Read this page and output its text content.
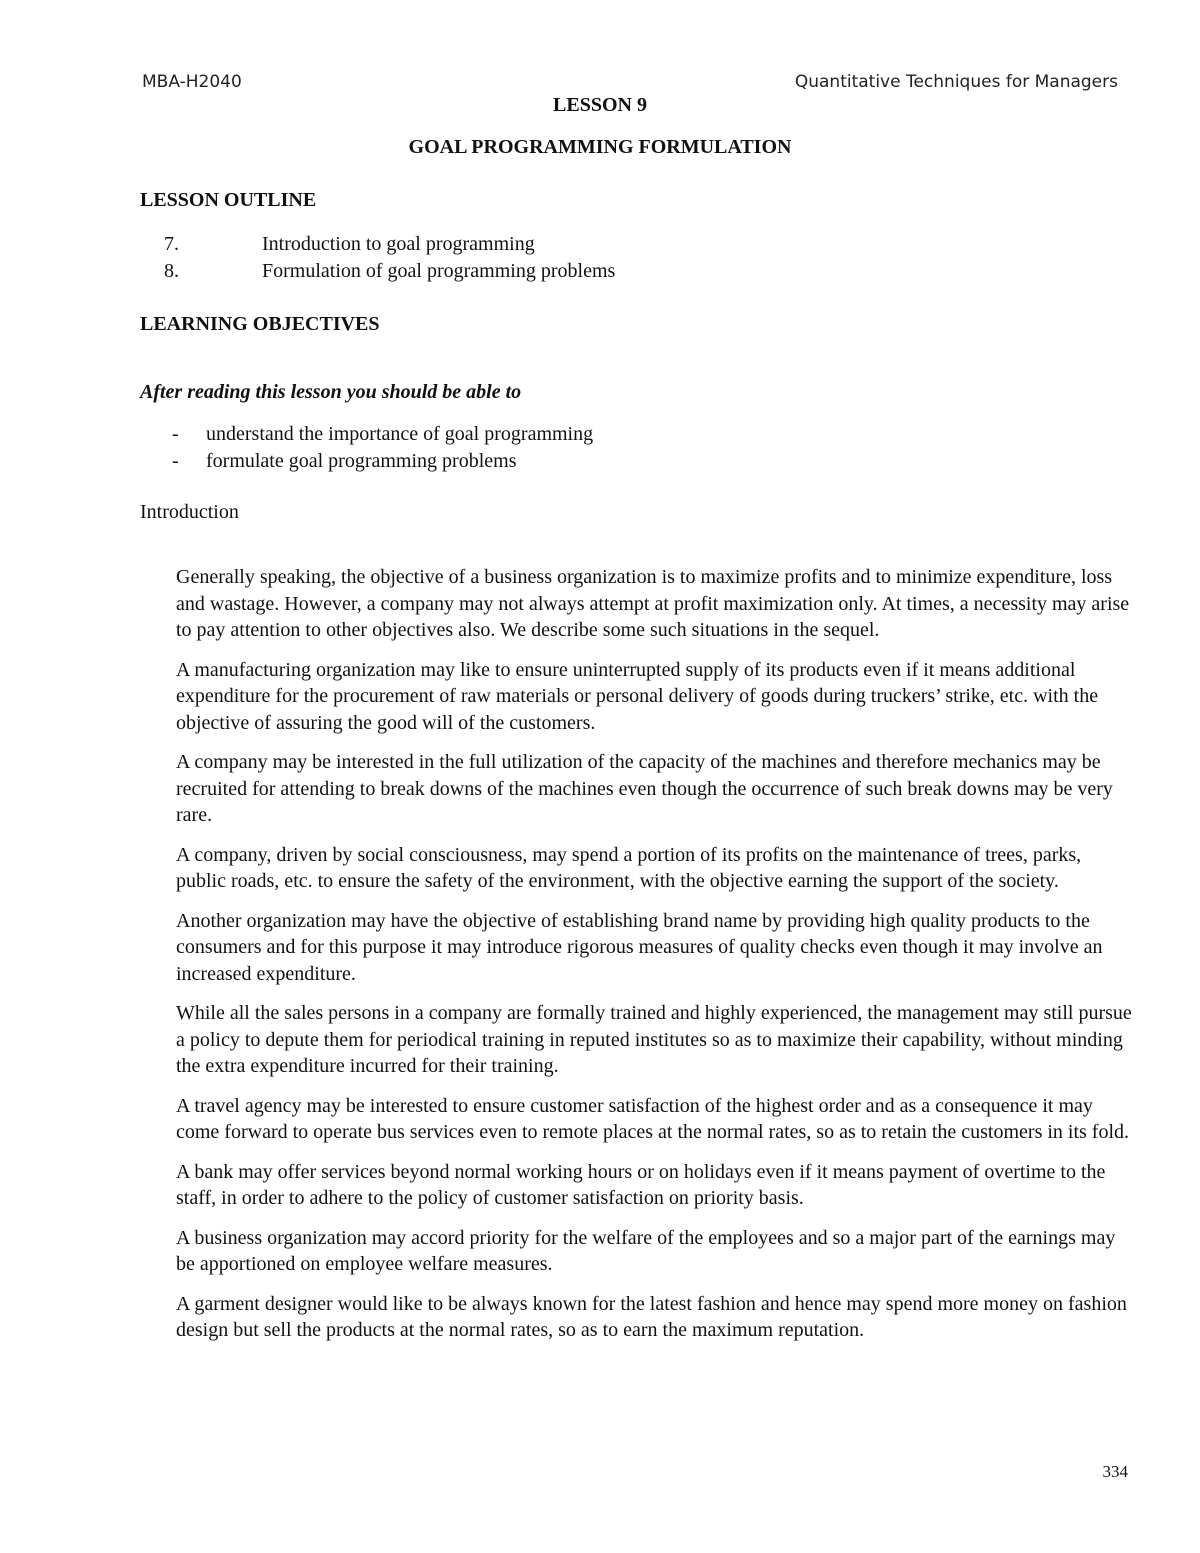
MBA-H2040	Quantitative Techniques for Managers
LESSON 9
GOAL PROGRAMMING FORMULATION
LESSON OUTLINE
7.	Introduction to goal programming
8.	Formulation of goal programming problems
LEARNING OBJECTIVES
After reading this lesson you should be able to
-	understand the importance of goal programming
-	formulate goal programming problems
Introduction

Generally speaking, the objective of a business organization is to maximize profits and to minimize expenditure, loss and wastage. However, a company may not always attempt at profit maximization only. At times, a necessity may arise to pay attention to other objectives also. We describe some such situations in the sequel.

A manufacturing organization may like to ensure uninterrupted supply of its products even if it means additional expenditure for the procurement of raw materials or personal delivery of goods during truckers’ strike, etc. with the objective of assuring the good will of the customers.

A company may be interested in the full utilization of the capacity of the machines and therefore mechanics may be recruited for attending to break downs of the machines even though the occurrence of such break downs may be very rare.

A company, driven by social consciousness, may spend a portion of its profits on the maintenance of trees, parks, public roads, etc. to ensure the safety of the environment, with the objective earning the support of the society.

Another organization may have the objective of establishing brand name by providing high quality products to the consumers and for this purpose it may introduce rigorous measures of quality checks even though it may involve an increased expenditure.

While all the sales persons in a company are formally trained and highly experienced, the management may still pursue a policy to depute them for periodical training in reputed institutes so as to maximize their capability, without minding the extra expenditure incurred for their training.

A travel agency may be interested to ensure customer satisfaction of the highest order and as a consequence it may come forward to operate bus services even to remote places at the normal rates, so as to retain the customers in its fold.

A bank may offer services beyond normal working hours or on holidays even if it means payment of overtime to the staff, in order to adhere to the policy of customer satisfaction on priority basis.

A business organization may accord priority for the welfare of the employees and so a major part of the earnings may be apportioned on employee welfare measures.

A garment designer would like to be always known for the latest fashion and hence may spend more money on fashion design but sell the products at the normal rates, so as to earn the maximum reputation.

334
